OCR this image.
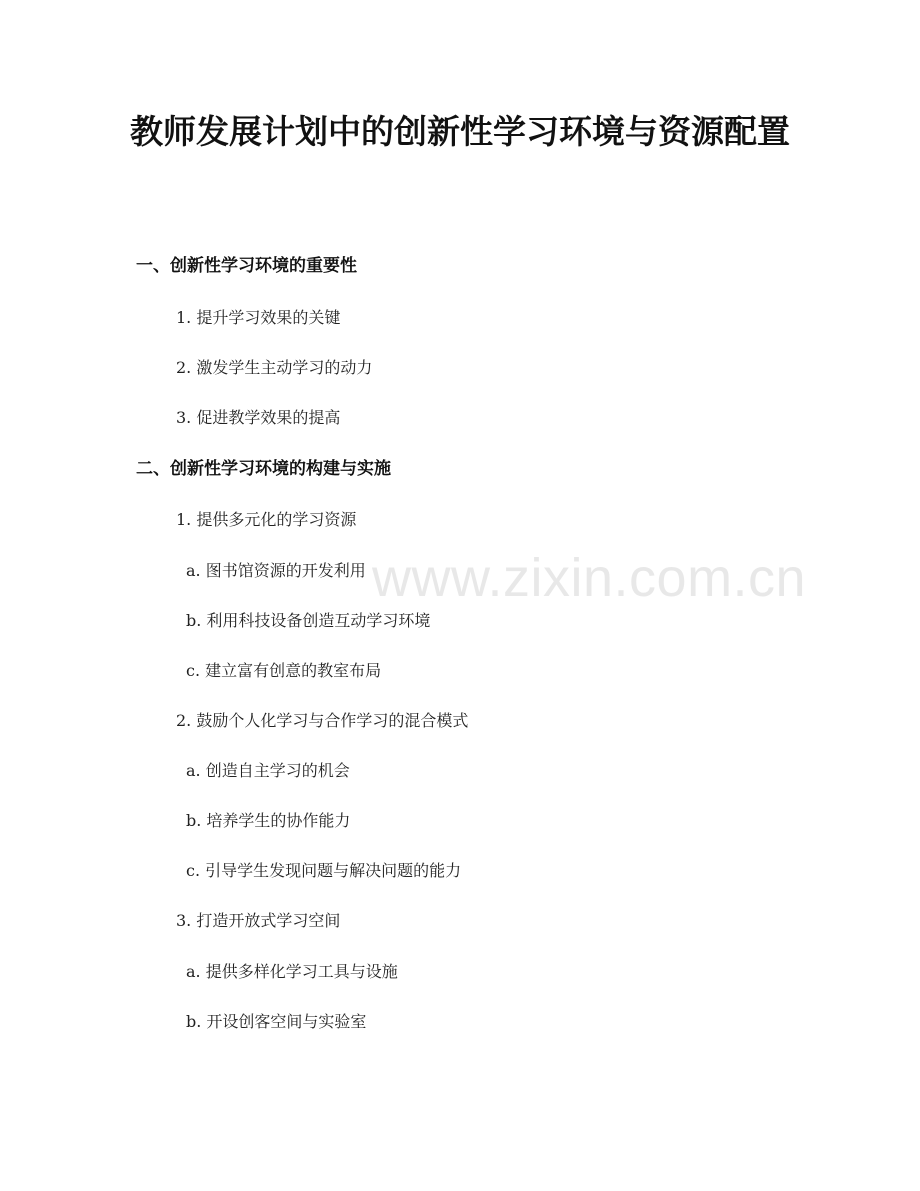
教师发展计划中的创新性学习环境与资源配置
一、创新性学习环境的重要性

1. 提升学习效果的关键

2. 激发学生主动学习的动力

3. 促进教学效果的提高

二、创新性学习环境的构建与实施

1. 提供多元化的学习资源

a. 图书馆资源的开发利用

b. 利用科技设备创造互动学习环境

c. 建立富有创意的教室布局

2. 鼓励个人化学习与合作学习的混合模式

a. 创造自主学习的机会

b. 培养学生的协作能力

c. 引导学生发现问题与解决问题的能力

3. 打造开放式学习空间

a. 提供多样化学习工具与设施

b. 开设创客空间与实验室

www.zixin.com.cn
